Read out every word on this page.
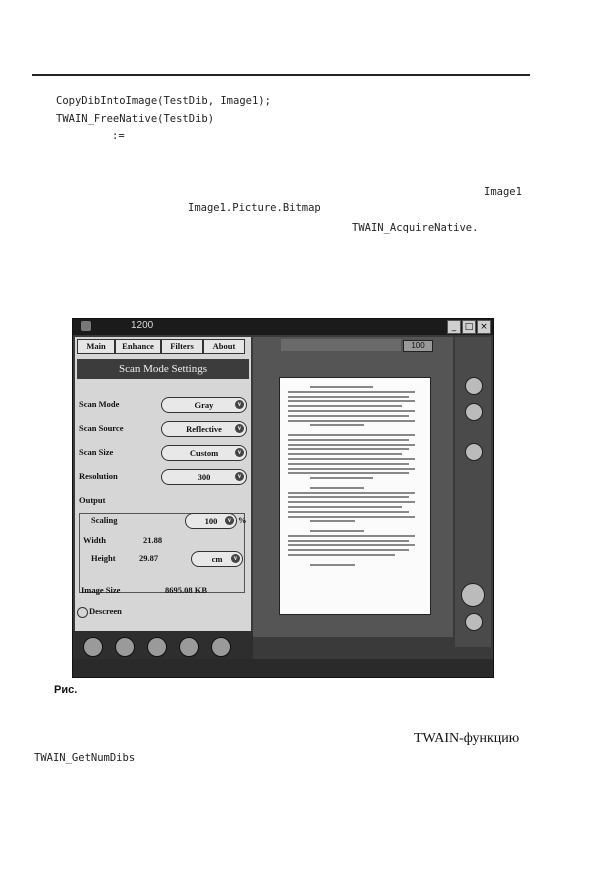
CopyDibIntoImage(TestDib, Image1);
TWAIN_FreeNative(TestDib)
:=
Image1
Image1.Picture.Bitmap
TWAIN_AcquireNative.
1200	_ □ ×
Main	Enhance	Filters	About
Scan Mode Settings
Scan Mode	Gray	v
Scan Source	Reflective	v
Scan Size	Custom	v
Resolution	300	v
Output
Scaling	100	v %
Width	21.88
Height	29.87	cm	v
Image Size	8695.08 KB
Descreen
100
Рис.
TWAIN-функцию
TWAIN_GetNumDibs
